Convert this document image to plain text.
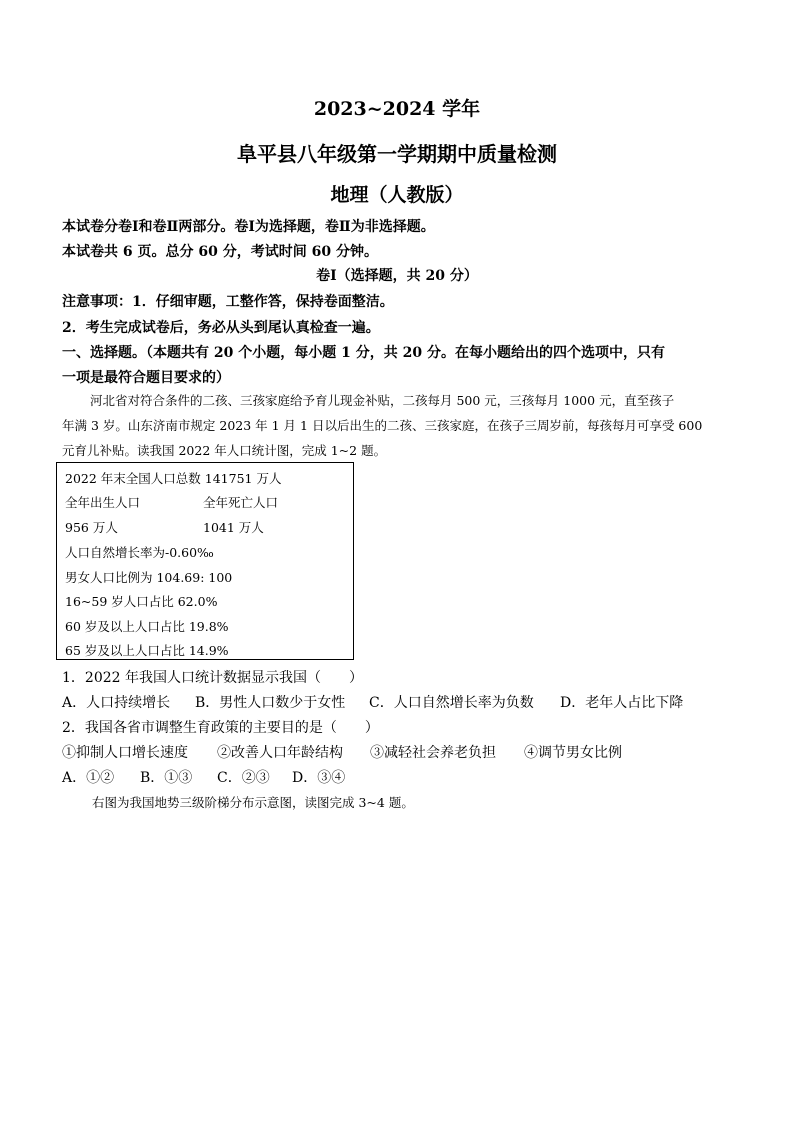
2023~2024 学年
阜平县八年级第一学期期中质量检测
地理（人教版）
本试卷分卷Ⅰ和卷Ⅱ两部分。卷Ⅰ为选择题，卷Ⅱ为非选择题。
本试卷共 6 页。总分 60 分，考试时间 60 分钟。
卷Ⅰ（选择题，共 20 分）
注意事项：1．仔细审题，工整作答，保持卷面整洁。
2．考生完成试卷后，务必从头到尾认真检查一遍。
一、选择题。（本题共有 20 个小题，每小题 1 分，共 20 分。在每小题给出的四个选项中，只有
一项是最符合题目要求的）
河北省对符合条件的二孩、三孩家庭给予育儿现金补贴，二孩每月 500 元，三孩每月 1000 元，直至孩子
年满 3 岁。山东济南市规定 2023 年 1 月 1 日以后出生的二孩、三孩家庭，在孩子三周岁前，每孩每月可享受 600
元育儿补贴。读我国 2022 年人口统计图，完成 1~2 题。
2022 年末全国人口总数 141751 万人
全年出生人口	全年死亡人口
956 万人	1041 万人
人口自然增长率为-0.60‰
男女人口比例为 104.69: 100
16~59 岁人口占比 62.0%
60 岁及以上人口占比 19.8%
65 岁及以上人口占比 14.9%
1．2022 年我国人口统计数据显示我国（　　）
A．人口持续增长 B．男性人口数少于女性 C．人口自然增长率为负数 D．老年人占比下降
2．我国各省市调整生育政策的主要目的是（　　）
①抑制人口增长速度 ②改善人口年龄结构 ③减轻社会养老负担 ④调节男女比例
A．①② B．①③ C．②③ D．③④
右图为我国地势三级阶梯分布示意图，读图完成 3~4 题。
